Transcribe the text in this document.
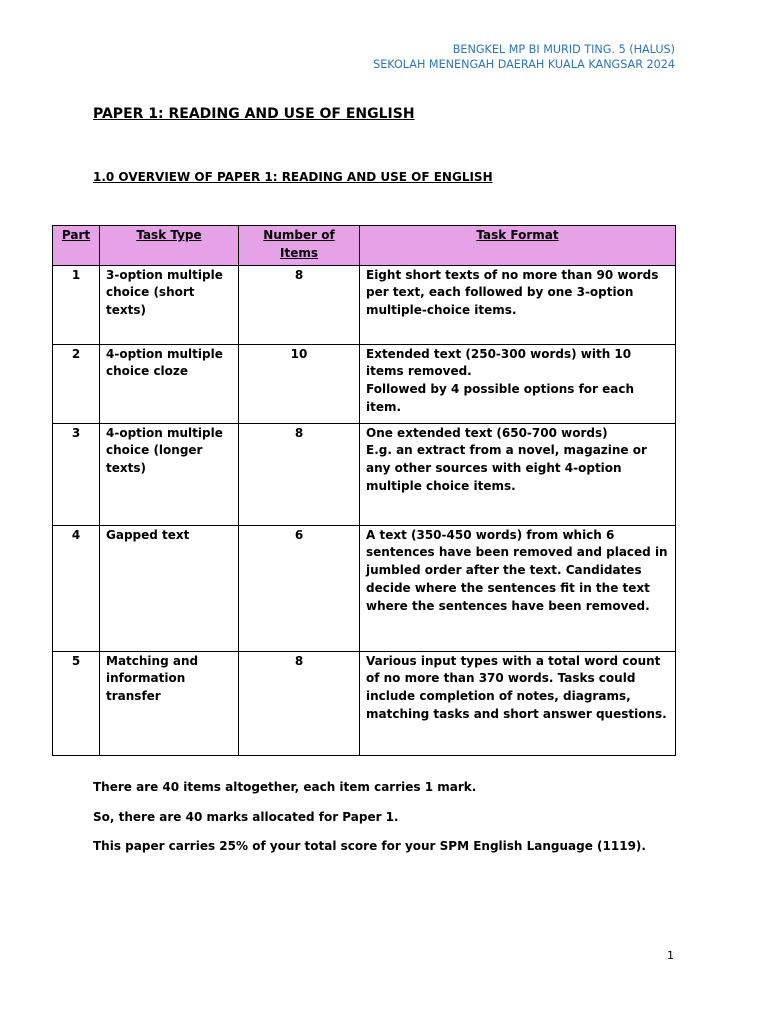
BENGKEL MP BI MURID TING. 5 (HALUS)
SEKOLAH MENENGAH DAERAH KUALA KANGSAR 2024
PAPER 1: READING AND USE OF ENGLISH
1.0 OVERVIEW OF PAPER 1: READING AND USE OF ENGLISH
Part	Task Type	Number of Items	Task Format
1	3-option multiple choice (short texts)	8	Eight short texts of no more than 90 words per text, each followed by one 3-option multiple-choice items.

2	4-option multiple choice cloze	10	Extended text (250-300 words) with 10 items removed.
Followed by 4 possible options for each item.

3	4-option multiple choice (longer texts)	8	One extended text (650-700 words)
E.g. an extract from a novel, magazine or any other sources with eight 4-option multiple choice items.

4	Gapped text	6	A text (350-450 words) from which 6 sentences have been removed and placed in jumbled order after the text. Candidates decide where the sentences fit in the text where the sentences have been removed.

5	Matching and information transfer	8	Various input types with a total word count of no more than 370 words. Tasks could include completion of notes, diagrams, matching tasks and short answer questions.

There are 40 items altogether, each item carries 1 mark.

So, there are 40 marks allocated for Paper 1.

This paper carries 25% of your total score for your SPM English Language (1119).

1
